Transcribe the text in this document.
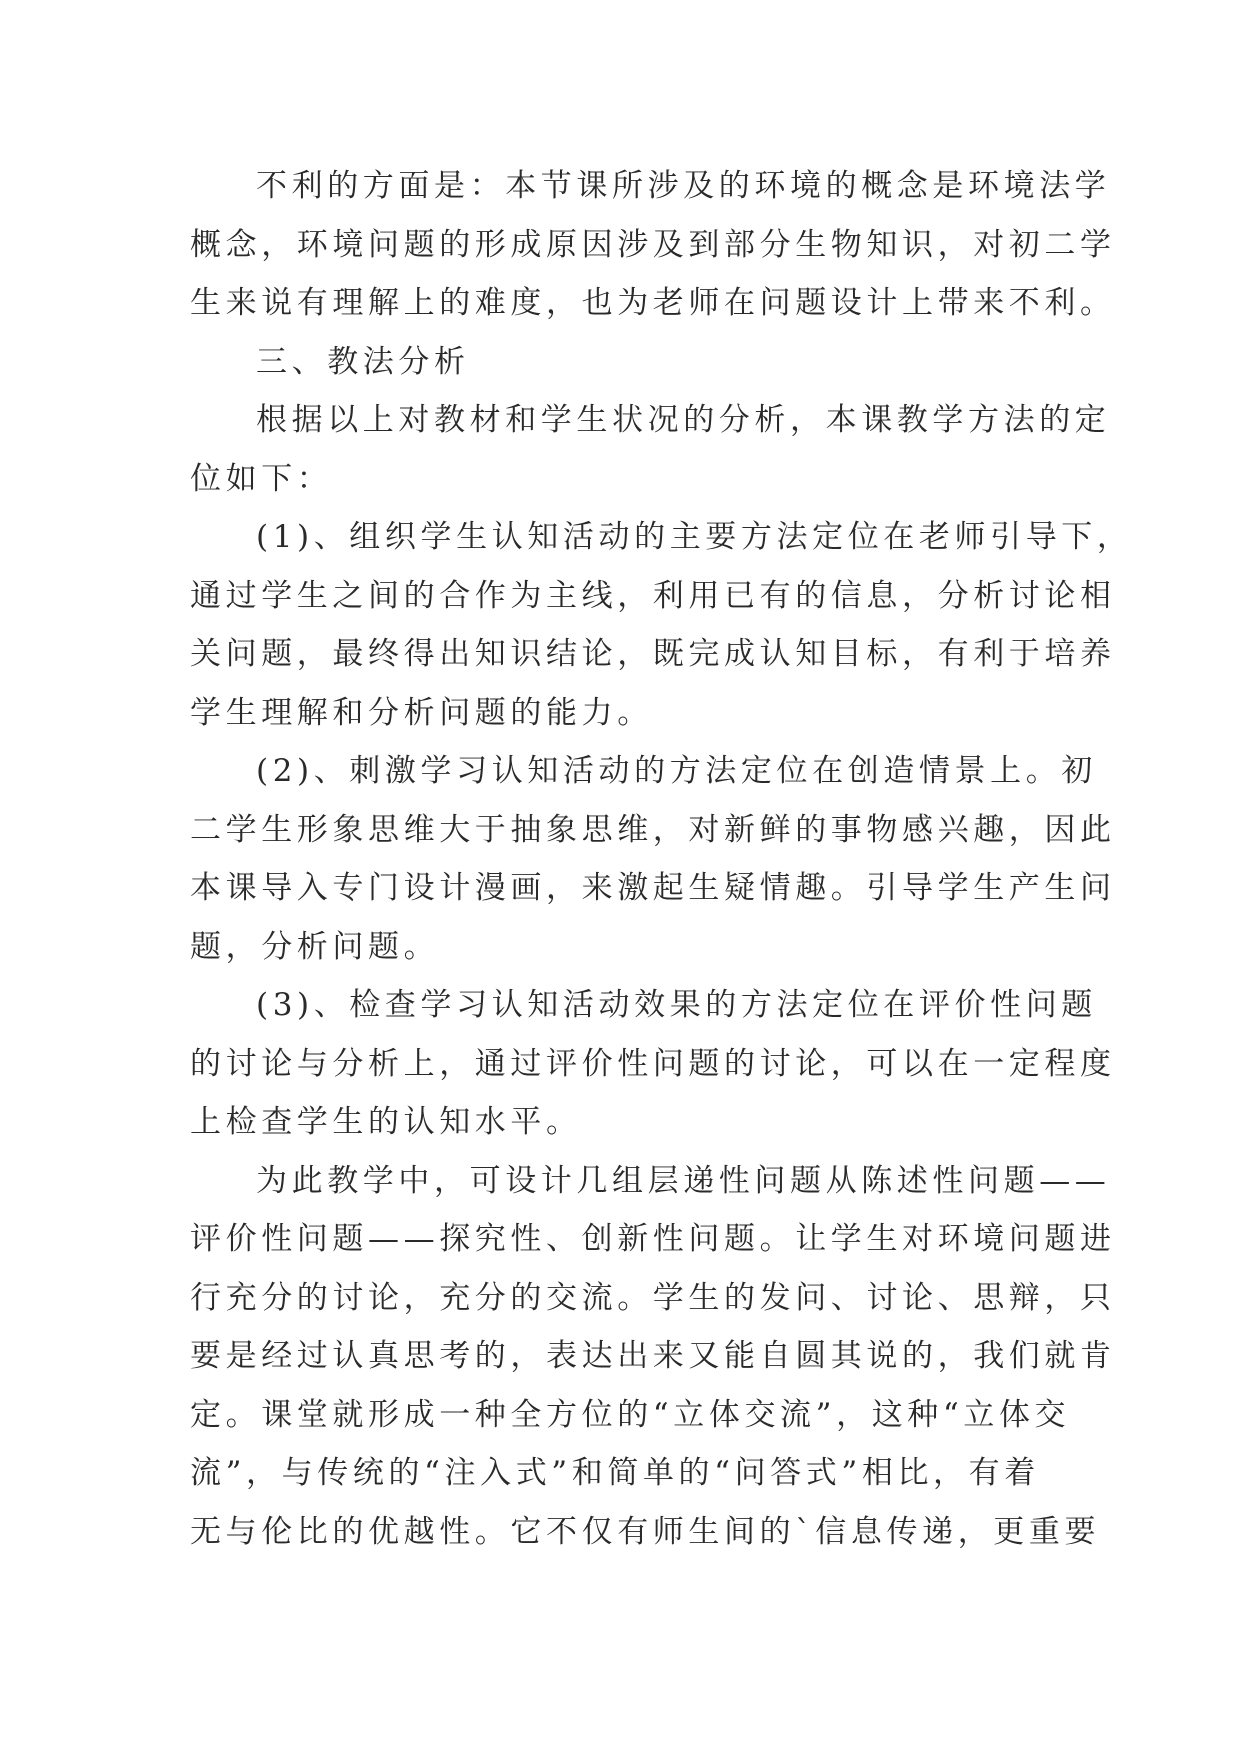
不利的方面是：本节课所涉及的环境的概念是环境法学
概念，环境问题的形成原因涉及到部分生物知识，对初二学
生来说有理解上的难度，也为老师在问题设计上带来不利。
三、教法分析
根据以上对教材和学生状况的分析，本课教学方法的定
位如下：
(1)、组织学生认知活动的主要方法定位在老师引导下，
通过学生之间的合作为主线，利用已有的信息，分析讨论相
关问题，最终得出知识结论，既完成认知目标，有利于培养
学生理解和分析问题的能力。
(2)、刺激学习认知活动的方法定位在创造情景上。初
二学生形象思维大于抽象思维，对新鲜的事物感兴趣，因此
本课导入专门设计漫画，来激起生疑情趣。引导学生产生问
题，分析问题。
(3)、检查学习认知活动效果的方法定位在评价性问题
的讨论与分析上，通过评价性问题的讨论，可以在一定程度
上检查学生的认知水平。
为此教学中，可设计几组层递性问题从陈述性问题——
评价性问题——探究性、创新性问题。让学生对环境问题进
行充分的讨论，充分的交流。学生的发问、讨论、思辩，只
要是经过认真思考的，表达出来又能自圆其说的，我们就肯
定。课堂就形成一种全方位的“立体交流”，这种“立体交
流”，与传统的“注入式”和简单的“问答式”相比，有着
无与伦比的优越性。它不仅有师生间的`信息传递，更重要
